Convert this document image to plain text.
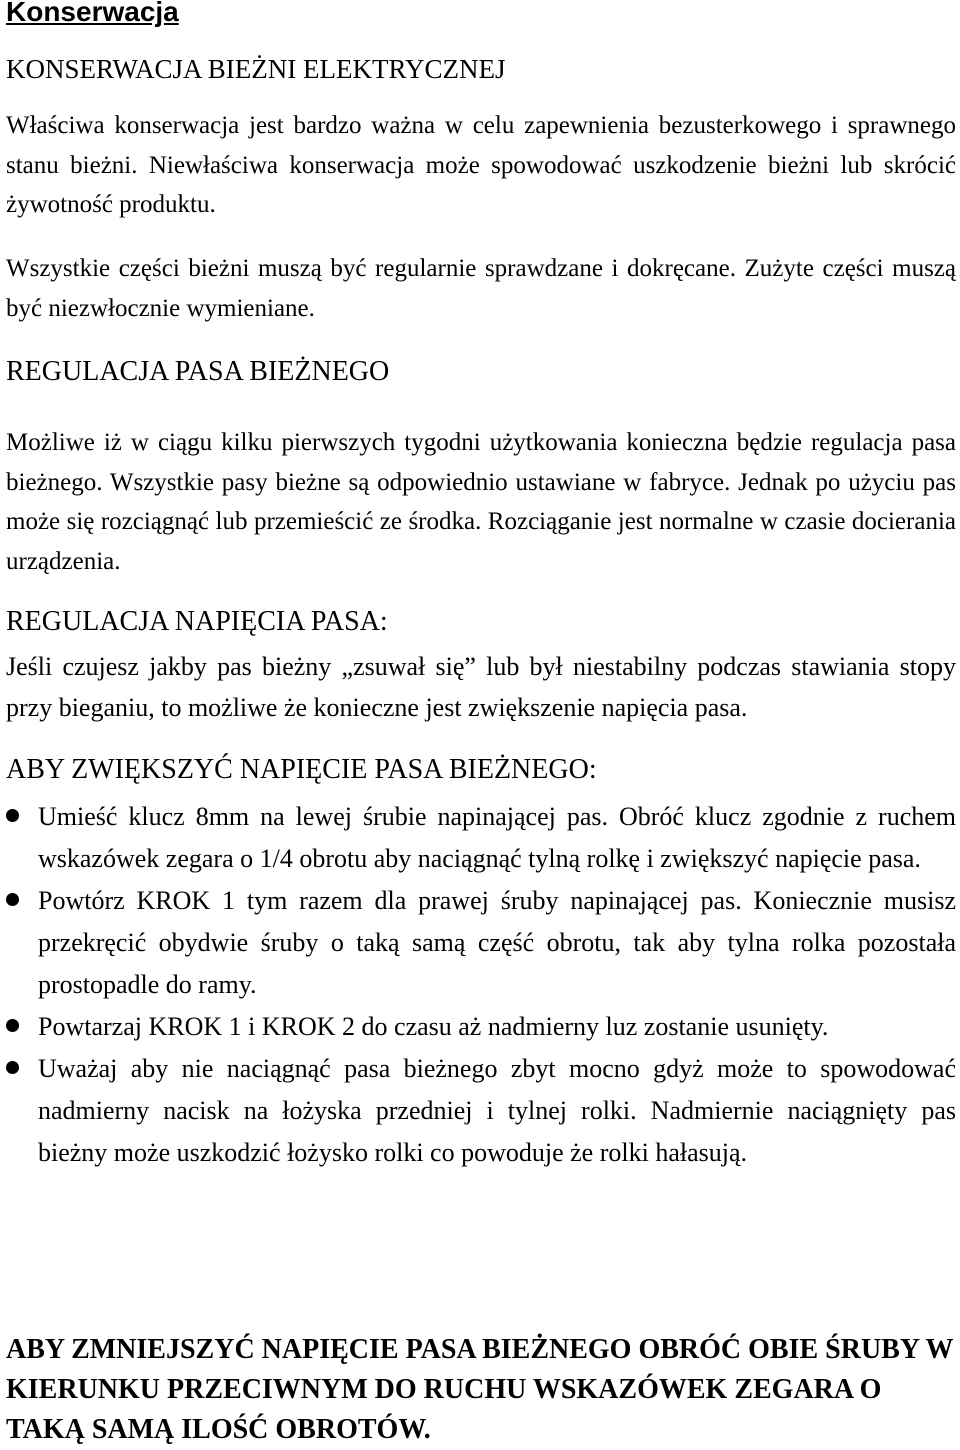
Konserwacja
KONSERWACJA BIEŻNI ELEKTRYCZNEJ
Właściwa konserwacja jest bardzo ważna w celu zapewnienia bezusterkowego i sprawnego stanu bieżni. Niewłaściwa konserwacja może spowodować uszkodzenie bieżni lub skrócić żywotność produktu.
Wszystkie części bieżni muszą być regularnie sprawdzane i dokręcane. Zużyte części muszą być niezwłocznie wymieniane.
REGULACJA PASA BIEŻNEGO
Możliwe iż w ciągu kilku pierwszych tygodni użytkowania konieczna będzie regulacja pasa bieżnego. Wszystkie pasy bieżne są odpowiednio ustawiane w fabryce. Jednak po użyciu pas może się rozciągnąć lub przemieścić ze środka. Rozciąganie jest normalne w czasie docierania urządzenia.
REGULACJA NAPIĘCIA PASA:
Jeśli czujesz jakby pas bieżny „zsuwał się” lub był niestabilny podczas stawiania stopy przy bieganiu, to możliwe że konieczne jest zwiększenie napięcia pasa.
ABY ZWIĘKSZYĆ NAPIĘCIE PASA BIEŻNEGO:
Umieść klucz 8mm na lewej śrubie napinającej pas. Obróć klucz zgodnie z ruchem wskazówek zegara o 1/4 obrotu aby naciągnąć tylną rolkę i zwiększyć napięcie pasa.
Powtórz KROK 1 tym razem dla prawej śruby napinającej pas. Koniecznie musisz przekręcić obydwie śruby o taką samą część obrotu, tak aby tylna rolka pozostała prostopadle do ramy.
Powtarzaj KROK 1 i KROK 2 do czasu aż nadmierny luz zostanie usunięty.
Uważaj aby nie naciągnąć pasa bieżnego zbyt mocno gdyż może to spowodować nadmierny nacisk na łożyska przedniej i tylnej rolki. Nadmiernie naciągnięty pas bieżny może uszkodzić łożysko rolki co powoduje że rolki hałasują.
ABY ZMNIEJSZYĆ NAPIĘCIE PASA BIEŻNEGO OBRÓĆ OBIE ŚRUBY W KIERUNKU PRZECIWNYM DO RUCHU WSKAZÓWEK ZEGARA O TAKĄ SAMĄ ILOŚĆ OBROTÓW.
